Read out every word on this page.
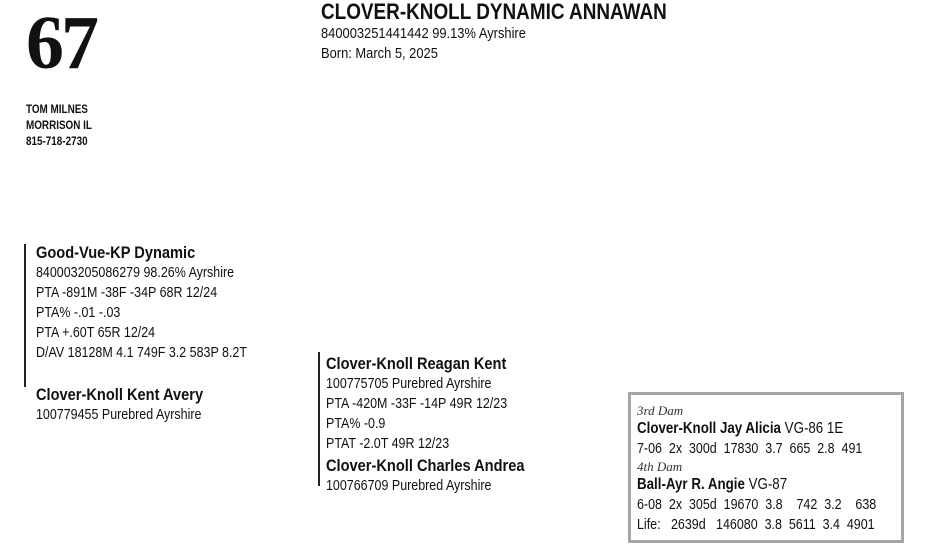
67
TOM MILNES
MORRISON IL
815-718-2730
CLOVER-KNOLL DYNAMIC ANNAWAN
840003251441442 99.13% Ayrshire
Born: March 5, 2025
Good-Vue-KP Dynamic
840003205086279 98.26% Ayrshire
PTA -891M -38F -34P 68R 12/24
PTA% -.01 -.03
PTA +.60T 65R 12/24
D/AV 18128M 4.1 749F 3.2 583P 8.2T
Clover-Knoll Kent Avery
100779455 Purebred Ayrshire
Clover-Knoll Reagan Kent
100775705 Purebred Ayrshire
PTA -420M -33F -14P 49R 12/23
PTA% -0.9
PTAT -2.0T 49R 12/23
Clover-Knoll Charles Andrea
100766709 Purebred Ayrshire
3rd Dam
Clover-Knoll Jay Alicia VG-86 1E
7-06  2x  300d  17830  3.7  665  2.8  491
4th Dam
Ball-Ayr R. Angie VG-87
6-08  2x  305d  19670  3.8    742  3.2    638
Life:   2639d   146080  3.8  5611  3.4  4901
